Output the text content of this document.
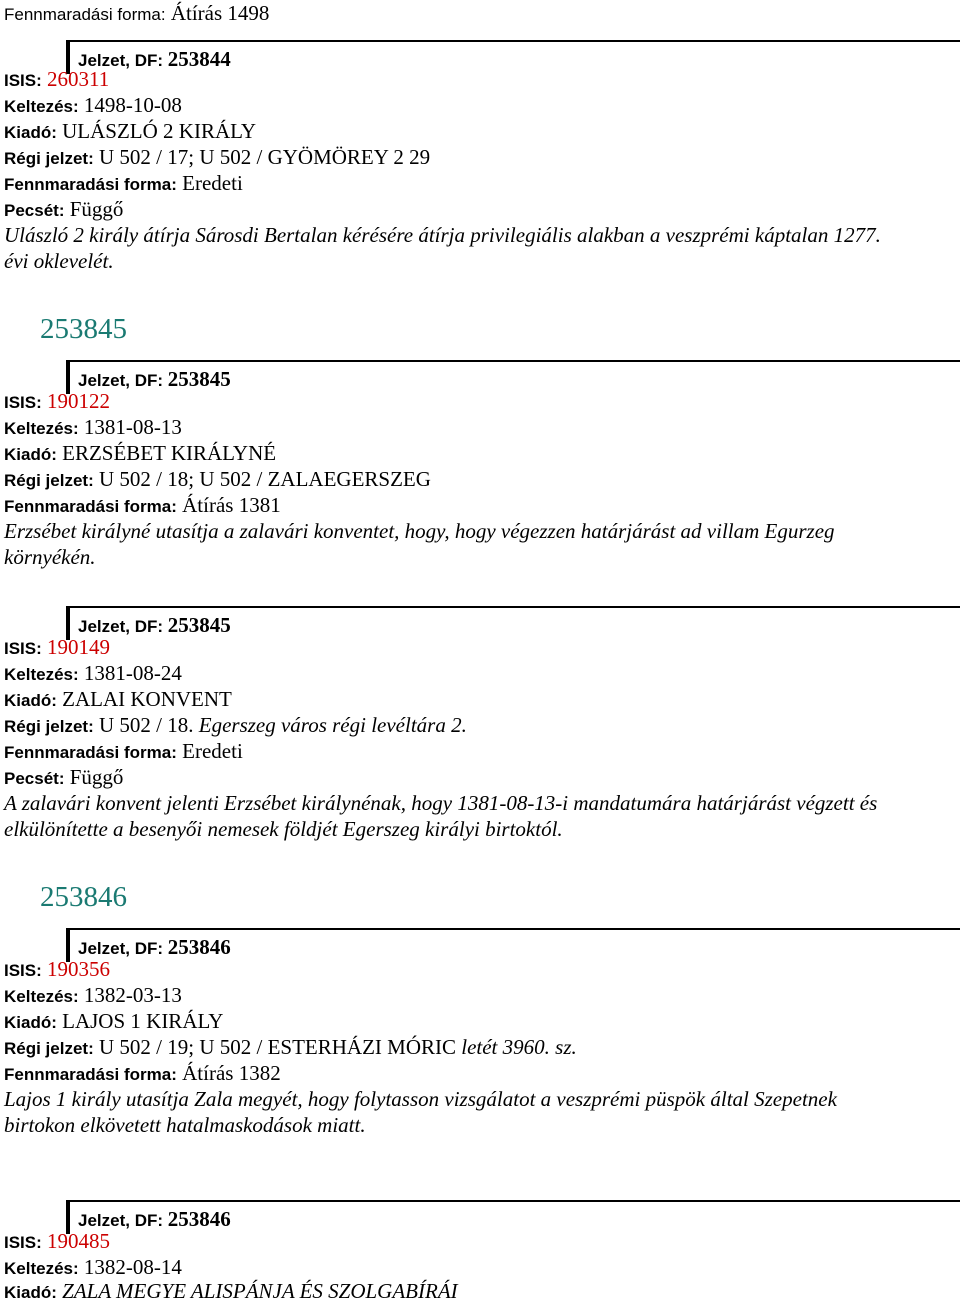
Fennmaradási forma: Átírás 1498
Jelzet, DF: 253844
ISIS: 260311
Keltezés: 1498-10-08
Kiadó: ULÁSZLÓ 2 KIRÁLY
Régi jelzet: U 502 / 17; U 502 / GYÖMÖREY 2 29
Fennmaradási forma: Eredeti
Pecsét: Függő
Ulászló 2 király átírja Sárosdi Bertalan kérésére átírja privilegiális alakban a veszprémi káptalan 1277.
évi oklevelét.
253845
Jelzet, DF: 253845
ISIS: 190122
Keltezés: 1381-08-13
Kiadó: ERZSÉBET KIRÁLYNÉ
Régi jelzet: U 502 / 18; U 502 / ZALAEGERSZEG
Fennmaradási forma: Átírás 1381
Erzsébet királyné utasítja a zalavári konventet, hogy, hogy végezzen határjárást ad villam Egurzeg
környékén.
Jelzet, DF: 253845
ISIS: 190149
Keltezés: 1381-08-24
Kiadó: ZALAI KONVENT
Régi jelzet: U 502 / 18. Egerszeg város régi levéltára 2.
Fennmaradási forma: Eredeti
Pecsét: Függő
A zalavári konvent jelenti Erzsébet királynénak, hogy 1381-08-13-i mandatumára határjárást végzett és
elkülönítette a besenyői nemesek földjét Egerszeg királyi birtoktól.
253846
Jelzet, DF: 253846
ISIS: 190356
Keltezés: 1382-03-13
Kiadó: LAJOS 1 KIRÁLY
Régi jelzet: U 502 / 19; U 502 / ESTERHÁZI MÓRIC letét 3960. sz.
Fennmaradási forma: Átírás 1382
Lajos 1 király utasítja Zala megyét, hogy folytasson vizsgálatot a veszprémi püspök által Szepetnek
birtokon elkövetett hatalmaskodások miatt.
Jelzet, DF: 253846
ISIS: 190485
Keltezés: 1382-08-14
Kiadó: ZALA MEGYE ALISPÁNJA ÉS SZOLGABÍRÁI
